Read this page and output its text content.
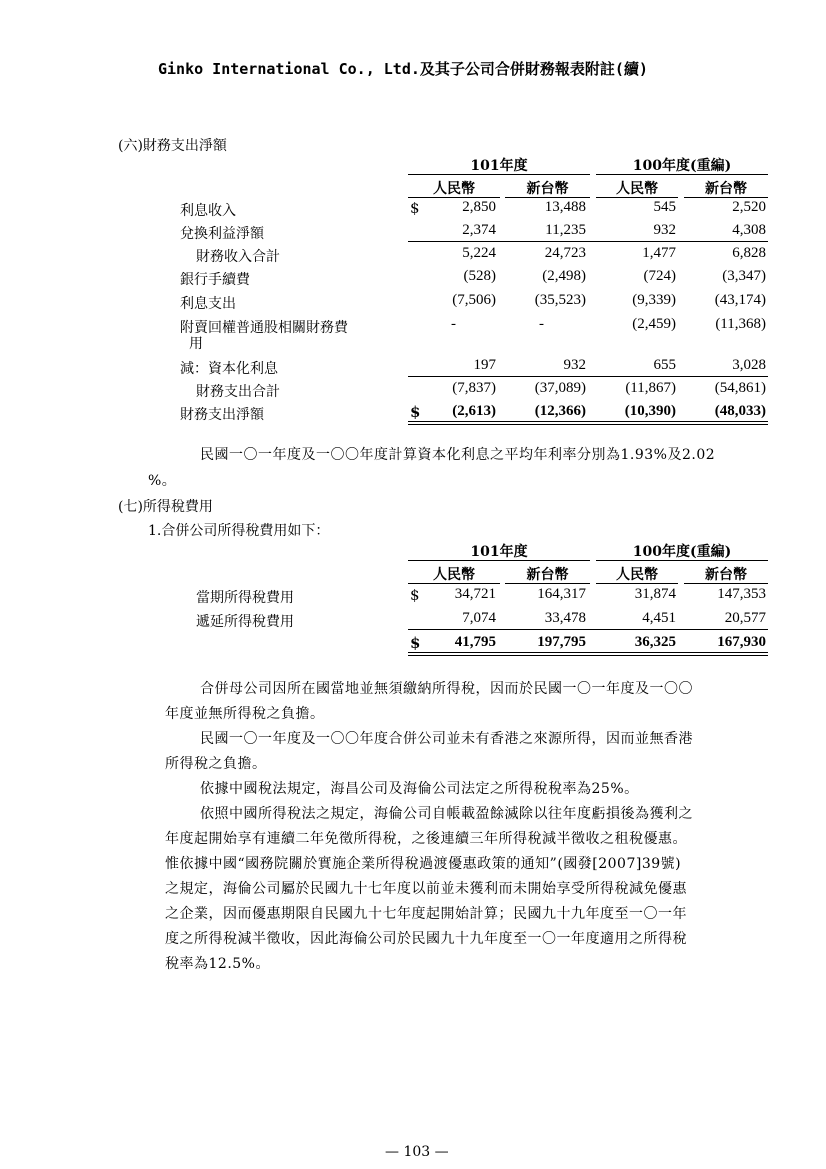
Ginko International Co., Ltd.及其子公司合併財務報表附註(續)
(六)財務支出淨額
101年度	100年度(重編)
人民幣	新台幣	人民幣	新台幣
利息收入	$	2,850	13,488	545	2,520
兌換利益淨額	2,374	11,235	932	4,308
財務收入合計	5,224	24,723	1,477	6,828
銀行手續費	(528)	(2,498)	(724)	(3,347)
利息支出	(7,506)	(35,523)	(9,339)	(43,174)
附賣回權普通股相關財務費
用
-	-	(2,459)	(11,368)
減：資本化利息	197	932	655	3,028
財務支出合計	(7,837)	(37,089)	(11,867)	(54,861)
財務支出淨額	$ (2,613)	(12,366)	(10,390)	(48,033)
民國一〇一年度及一〇〇年度計算資本化利息之平均年利率分別為1.93%及2.02
%。
(七)所得稅費用
1.合併公司所得稅費用如下：
101年度	100年度(重編)
人民幣	新台幣	人民幣	新台幣
當期所得稅費用	$ 34,721	164,317	31,874	147,353
遞延所得稅費用	7,074	33,478	4,451	20,577
$ 41,795	197,795	36,325	167,930
合併母公司因所在國當地並無須繳納所得稅，因而於民國一〇一年度及一〇〇
年度並無所得稅之負擔。
民國一〇一年度及一〇〇年度合併公司並未有香港之來源所得，因而並無香港
所得稅之負擔。
依據中國稅法規定，海昌公司及海倫公司法定之所得稅稅率為25%。
依照中國所得稅法之規定，海倫公司自帳載盈餘滅除以往年度虧損後為獲利之
年度起開始享有連續二年免徵所得稅，之後連續三年所得稅減半徵收之租稅優惠。
惟依據中國“國務院關於實施企業所得稅過渡優惠政策的通知”(國發[2007]39號)
之規定，海倫公司屬於民國九十七年度以前並未獲利而未開始享受所得稅減免優惠
之企業，因而優惠期限自民國九十七年度起開始計算；民國九十九年度至一〇一年
度之所得稅減半徵收，因此海倫公司於民國九十九年度至一〇一年度適用之所得稅
稅率為12.5%。
— 103 —
